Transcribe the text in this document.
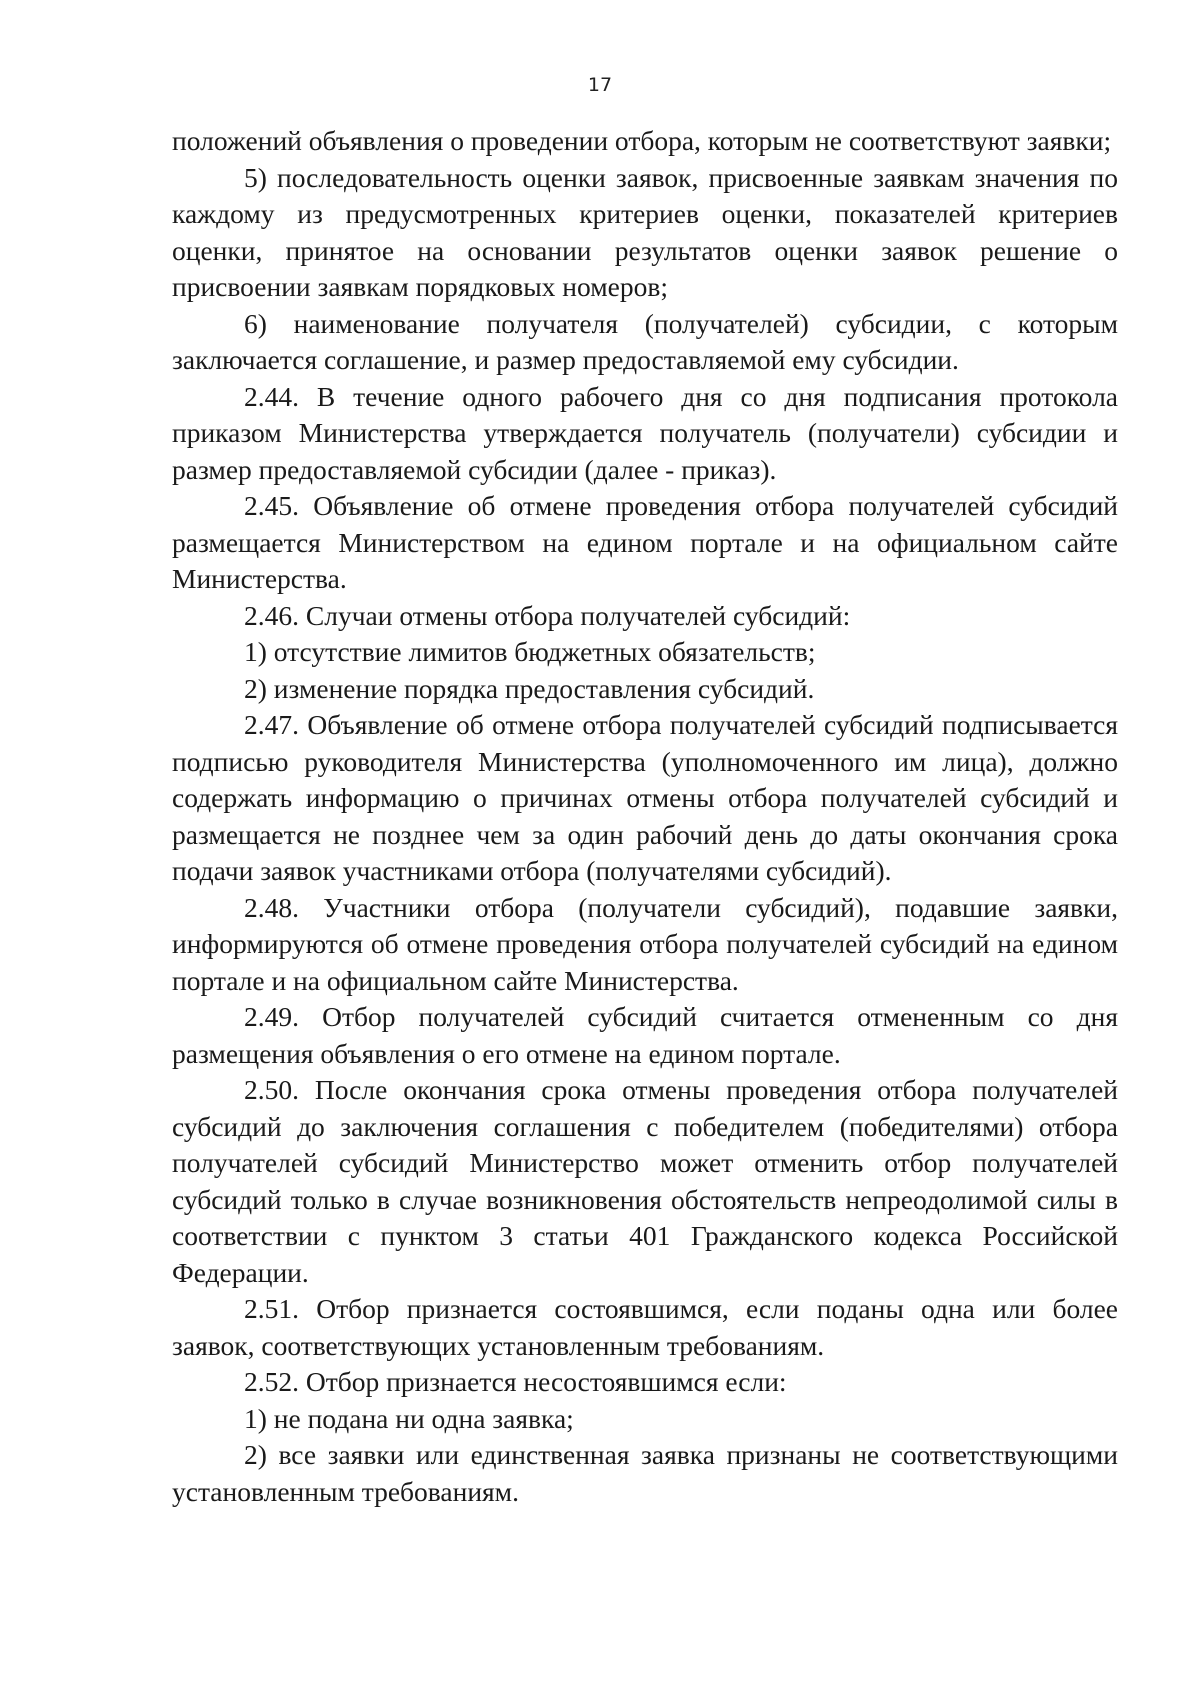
17

положений объявления о проведении отбора, которым не соответствуют заявки;

5) последовательность оценки заявок, присвоенные заявкам значения по каждому из предусмотренных критериев оценки, показателей критериев оценки, принятое на основании результатов оценки заявок решение о присвоении заявкам порядковых номеров;

6) наименование получателя (получателей) субсидии, с которым заключается соглашение, и размер предоставляемой ему субсидии.

2.44. В течение одного рабочего дня со дня подписания протокола приказом Министерства утверждается получатель (получатели) субсидии и размер предоставляемой субсидии (далее - приказ).

2.45. Объявление об отмене проведения отбора получателей субсидий размещается Министерством на едином портале и на официальном сайте Министерства.

2.46. Случаи отмены отбора получателей субсидий:

1) отсутствие лимитов бюджетных обязательств;

2) изменение порядка предоставления субсидий.

2.47. Объявление об отмене отбора получателей субсидий подписывается подписью руководителя Министерства (уполномоченного им лица), должно содержать информацию о причинах отмены отбора получателей субсидий и размещается не позднее чем за один рабочий день до даты окончания срока подачи заявок участниками отбора (получателями субсидий).

2.48. Участники отбора (получатели субсидий), подавшие заявки, информируются об отмене проведения отбора получателей субсидий на едином портале и на официальном сайте Министерства.

2.49. Отбор получателей субсидий считается отмененным со дня размещения объявления о его отмене на едином портале.

2.50. После окончания срока отмены проведения отбора получателей субсидий до заключения соглашения с победителем (победителями) отбора получателей субсидий Министерство может отменить отбор получателей субсидий только в случае возникновения обстоятельств непреодолимой силы в соответствии с пунктом 3 статьи 401 Гражданского кодекса Российской Федерации.

2.51. Отбор признается состоявшимся, если поданы одна или более заявок, соответствующих установленным требованиям.

2.52. Отбор признается несостоявшимся если:

1) не подана ни одна заявка;

2) все заявки или единственная заявка признаны не соответствующими установленным требованиям.
